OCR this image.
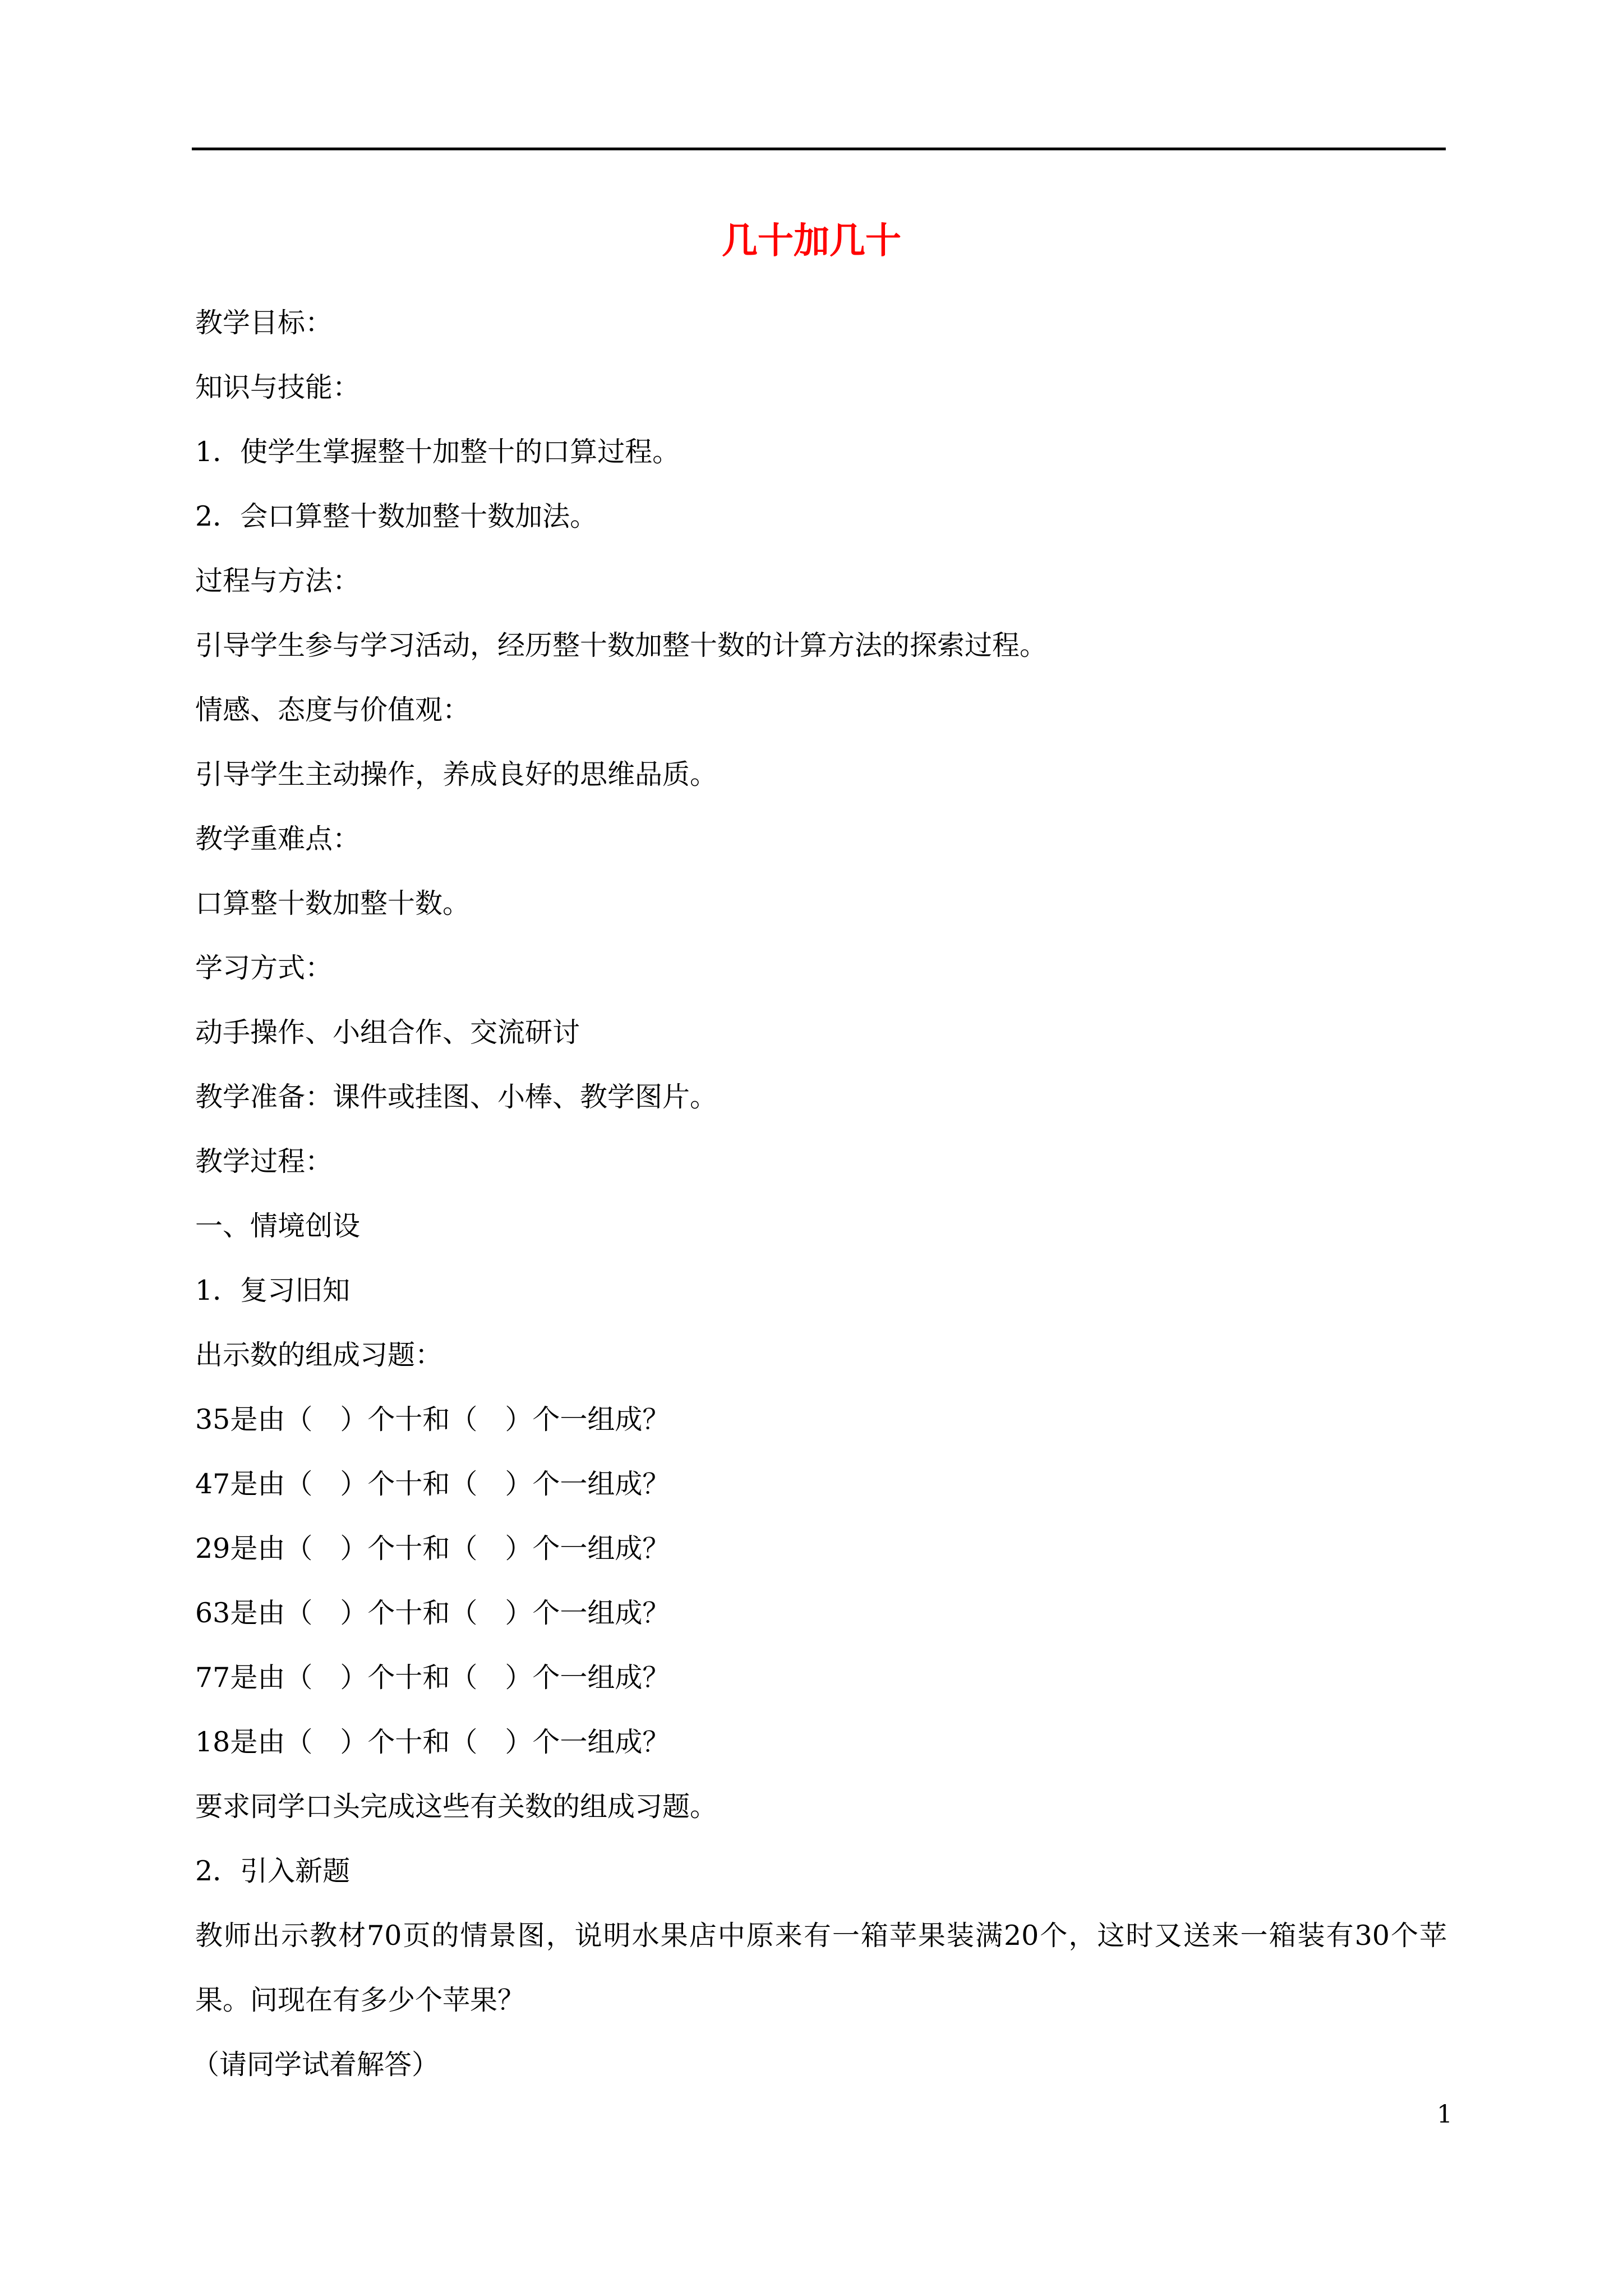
几十加几十

教学目标：

知识与技能：

1．使学生掌握整十加整十的口算过程。

2．会口算整十数加整十数加法。

过程与方法：

引导学生参与学习活动，经历整十数加整十数的计算方法的探索过程。

情感、态度与价值观：

引导学生主动操作，养成良好的思维品质。

教学重难点：

口算整十数加整十数。

学习方式：

动手操作、小组合作、交流研讨

教学准备：课件或挂图、小棒、教学图片。

教学过程：

一、情境创设

1．复习旧知

出示数的组成习题：

35是由（　）个十和（　）个一组成？

47是由（　）个十和（　）个一组成？

29是由（　）个十和（　）个一组成？

63是由（　）个十和（　）个一组成？

77是由（　）个十和（　）个一组成？

18是由（　）个十和（　）个一组成？

要求同学口头完成这些有关数的组成习题。

2．引入新题

教师出示教材70页的情景图，说明水果店中原来有一箱苹果装满20个，这时又送来一箱装有30个苹果。问现在有多少个苹果？

（请同学试着解答）

1
